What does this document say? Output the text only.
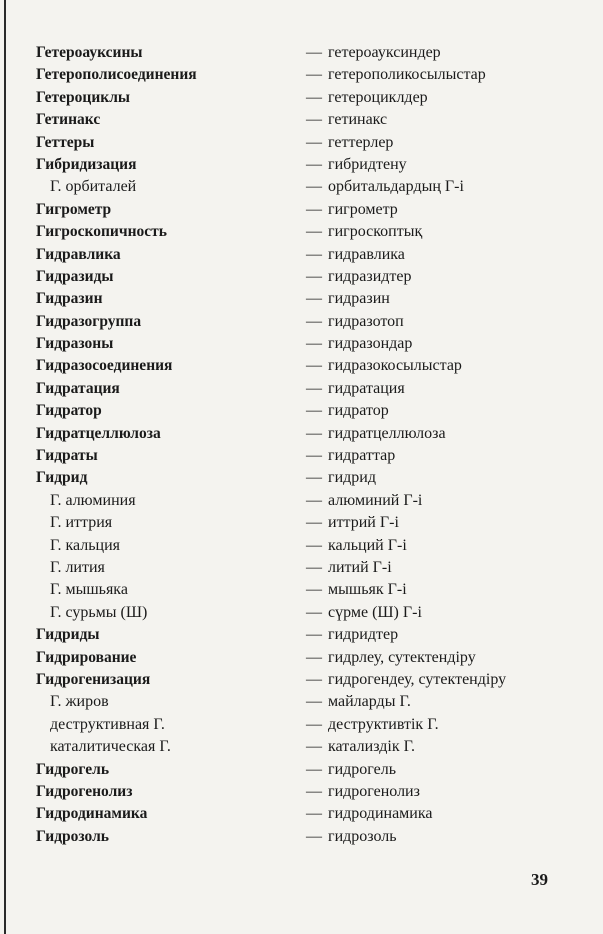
Гетероауксины	— гетероауксиндер
Гетерополисоединения	— гетерополикосылыстар
Гетероциклы	— гетероциклдер
Гетинакс	— гетинакс
Геттеры	— геттерлер
Гибридизация	— гибридтену
Г. орбиталей	— орбитальдардың Г-і
Гигрометр	— гигрометр
Гигроскопичность	— гигроскоптық
Гидравлика	— гидравлика
Гидразиды	— гидразидтер
Гидразин	— гидразин
Гидразогруппа	— гидразотоп
Гидразоны	— гидразондар
Гидразосоединения	— гидразокосылыстар
Гидратация	— гидратация
Гидратор	— гидратор
Гидратцеллюлоза	— гидратцеллюлоза
Гидраты	— гидраттар
Гидрид	— гидрид
Г. алюминия	— алюминий Г-і
Г. иттрия	— иттрий Г-і
Г. кальция	— кальций Г-і
Г. лития	— литий Г-і
Г. мышьяка	— мышьяк Г-і
Г. сурьмы (Ш)	— сүрме (Ш) Г-і
Гидриды	— гидридтер
Гидрирование	— гидрлеу, сутектендіру
Гидрогенизация	— гидрогендеу, сутектендіру
Г. жиров	— майларды Г.
деструктивная Г.	— деструктивтік Г.
каталитическая Г.	— катализдік Г.
Гидрогель	— гидрогель
Гидрогенолиз	— гидрогенолиз
Гидродинамика	— гидродинамика
Гидрозоль	— гидрозоль
39
